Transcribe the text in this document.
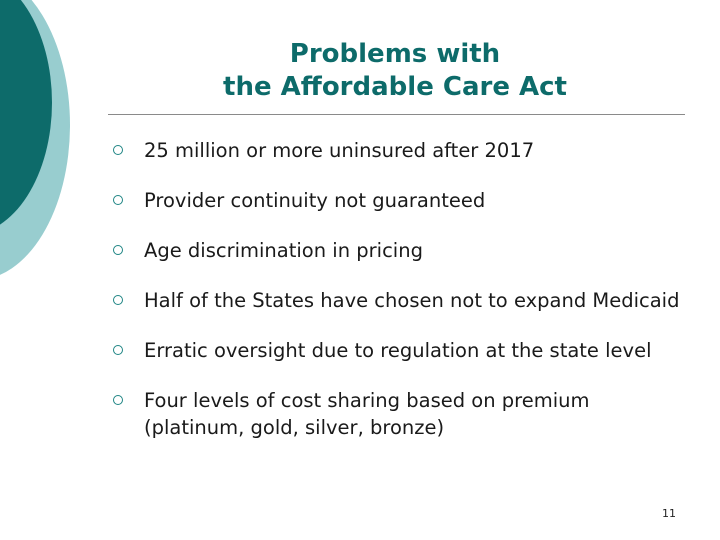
Problems with
the Affordable Care Act
25 million or more uninsured after 2017
Provider continuity not guaranteed
Age discrimination in pricing
Half of the States have chosen not to expand Medicaid
Erratic oversight due to regulation at the state level
Four levels of cost sharing based on premium (platinum, gold, silver, bronze)
11
